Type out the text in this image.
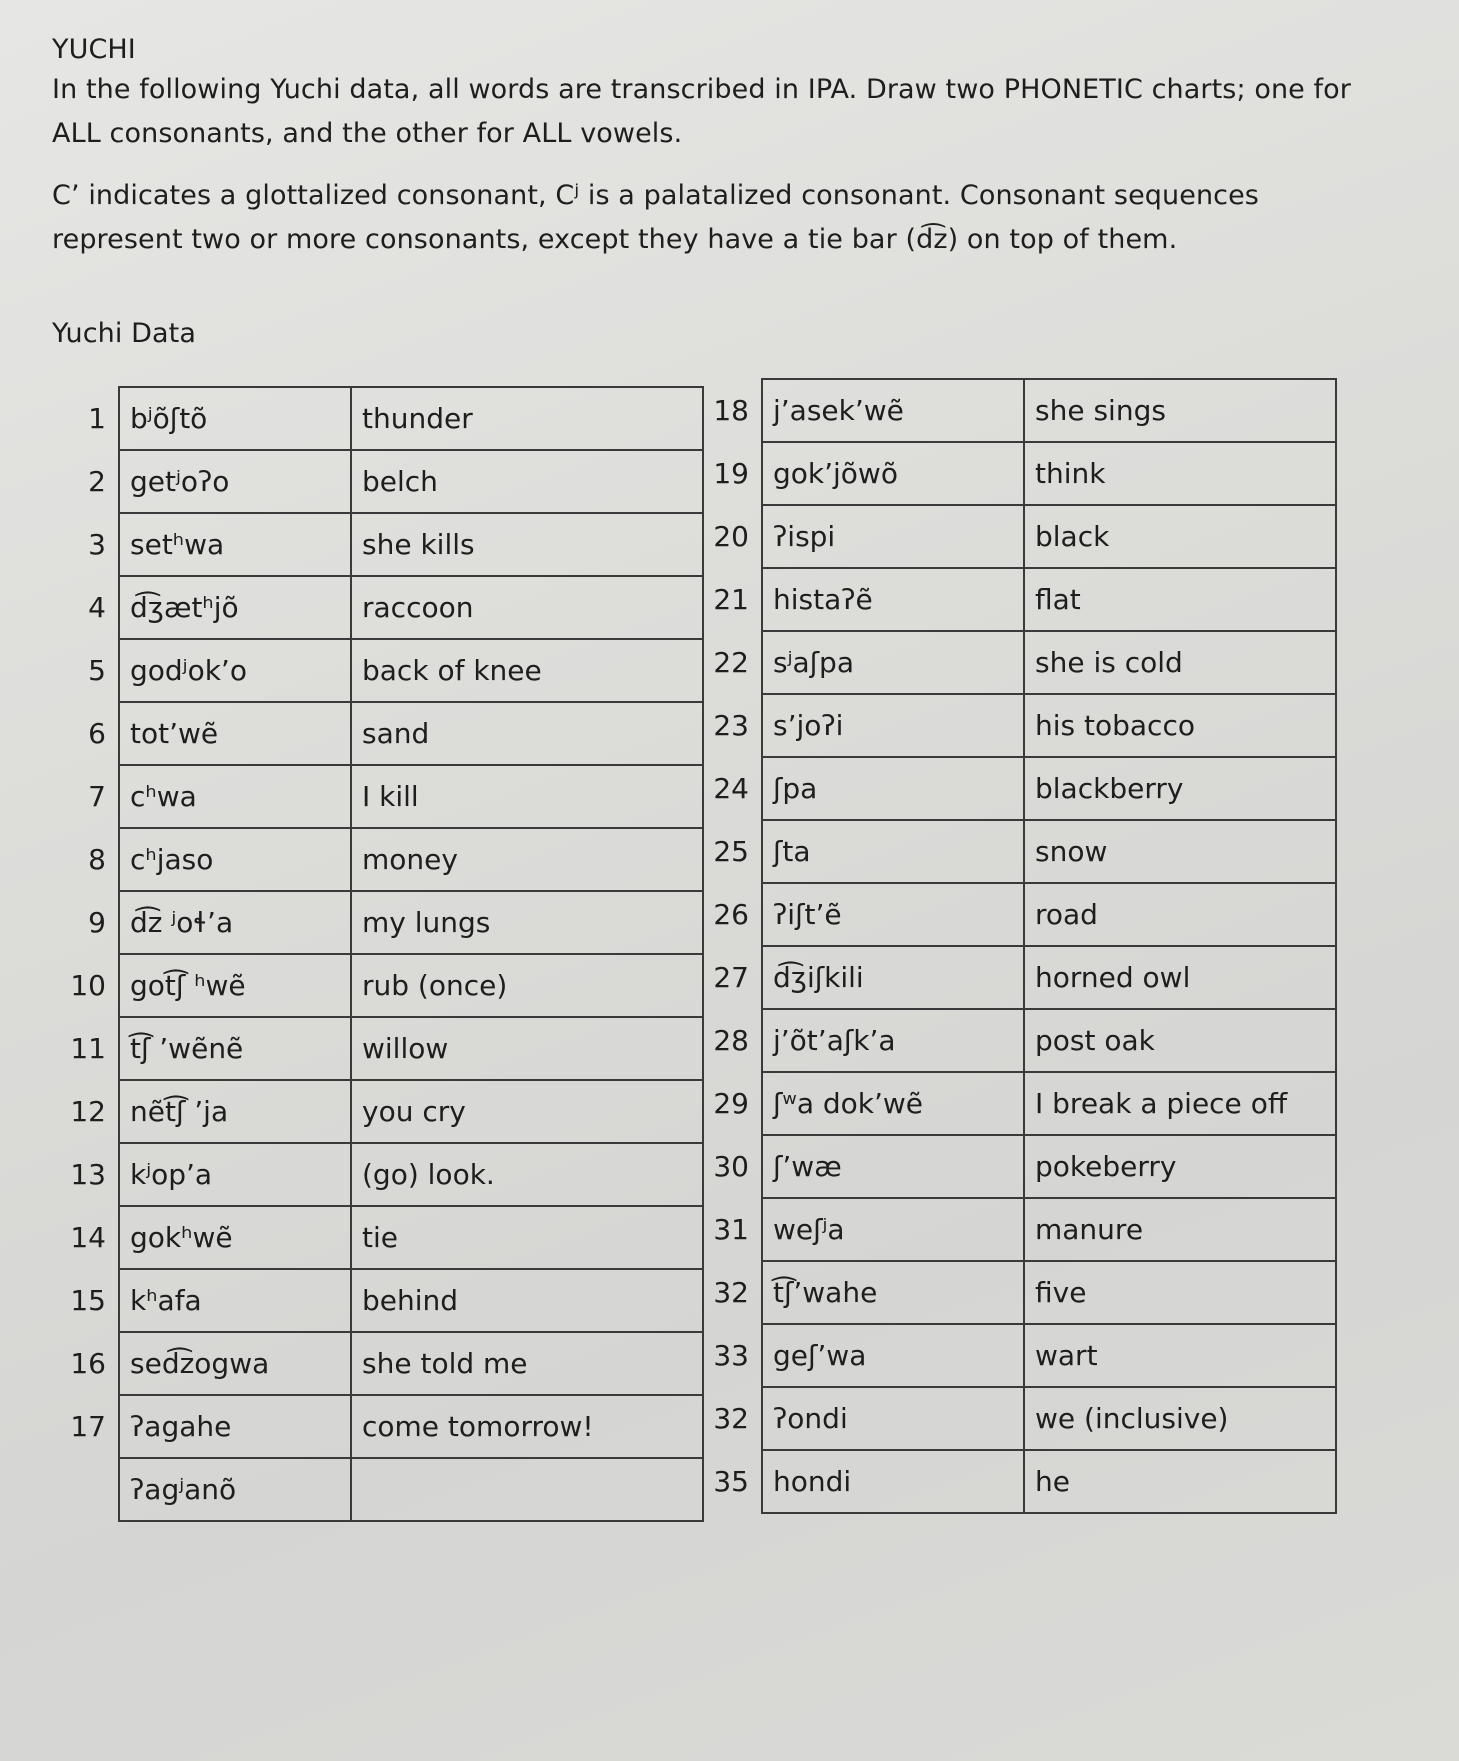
YUCHI
In the following Yuchi data, all words are transcribed in IPA. Draw two PHONETIC charts; one for ALL consonants, and the other for ALL vowels.
C’ indicates a glottalized consonant, Cʲ is a palatalized consonant. Consonant sequences represent two or more consonants, except they have a tie bar (d͡z) on top of them.
Yuchi Data
1	bʲõʃtõ	thunder
2	getʲoʔo	belch
3	setʰwa	she kills
4	d͡ʒætʰjõ	raccoon
5	godʲok’o	back of knee
6	tot’wẽ	sand
7	cʰwa	I kill
8	cʰjaso	money
9	d͡z ʲoɬ’a	my lungs
10	got͡ʃ ʰwẽ	rub (once)
11	t͡ʃ ’wẽnẽ	willow
12	nẽt͡ʃ ’ja	you cry
13	kʲop’a	(go) look.
14	gokʰwẽ	tie
15	kʰafa	behind
16	sed͡zogwa	she told me
17	ʔagahe	come tomorrow!
	ʔagʲanõ	
18	j’asek’wẽ	she sings
19	gok’jõwõ	think
20	ʔispi	black
21	histaʔẽ	flat
22	sʲaʃpa	she is cold
23	s’joʔi	his tobacco
24	ʃpa	blackberry
25	ʃta	snow
26	ʔiʃt’ẽ	road
27	d͡ʒiʃkili	horned owl
28	j’õt’aʃk’a	post oak
29	ʃʷa dok’wẽ	I break a piece off
30	ʃ’wæ	pokeberry
31	weʃʲa	manure
32	t͡ʃ’wahe	five
33	geʃ’wa	wart
32	ʔondi	we (inclusive)
35	hondi	he
